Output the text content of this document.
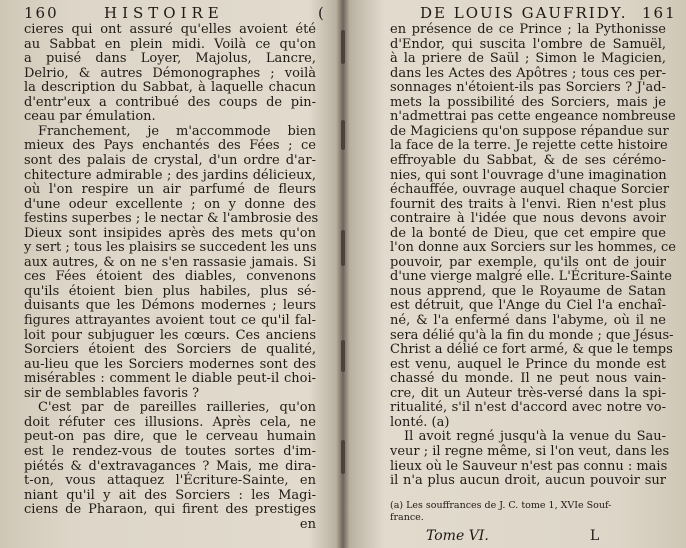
160	HISTOIRE	(
cieres qui ont assuré qu'elles avoient été
au Sabbat en plein midi. Voilà ce qu'on
a puisé dans Loyer, Majolus, Lancre,
Delrio, & autres Démonographes ; voilà
la description du Sabbat, à laquelle chacun
d'entr'eux a contribué des coups de pin-
ceau par émulation.
Franchement, je m'accommode bien
mieux des Pays enchantés des Fées ; ce
sont des palais de crystal, d'un ordre d'ar-
chitecture admirable ; des jardins délicieux,
où l'on respire un air parfumé de fleurs
d'une odeur excellente ; on y donne des
festins superbes ; le nectar & l'ambrosie des
Dieux sont insipides après des mets qu'on
y sert ; tous les plaisirs se succedent les uns
aux autres, & on ne s'en rassasie jamais. Si
ces Fées étoient des diables, convenons
qu'ils étoient bien plus habiles, plus sé-
duisants que les Démons modernes ; leurs
figures attrayantes avoient tout ce qu'il fal-
loit pour subjuguer les cœurs. Ces anciens
Sorciers étoient des Sorciers de qualité,
au-lieu que les Sorciers modernes sont des
misérables : comment le diable peut-il choi-
sir de semblables favoris ?
C'est par de pareilles railleries, qu'on
doit réfuter ces illusions. Après cela, ne
peut-on pas dire, que le cerveau humain
est le rendez-vous de toutes sortes d'im-
piétés & d'extravagances ? Mais, me dira-
t-on, vous attaquez l'Écriture-Sainte, en
niant qu'il y ait des Sorciers : les Magi-
ciens de Pharaon, qui firent des prestiges
en
DE LOUIS GAUFRIDY. 161
en présence de ce Prince ; la Pythonisse
d'Endor, qui suscita l'ombre de Samuël,
à la priere de Saül ; Simon le Magicien,
dans les Actes des Apôtres ; tous ces per-
sonnages n'étoient-ils pas Sorciers ? J'ad-
mets la possibilité des Sorciers, mais je
n'admettrai pas cette engeance nombreuse
de Magiciens qu'on suppose répandue sur
la face de la terre. Je rejette cette histoire
effroyable du Sabbat, & de ses cérémo-
nies, qui sont l'ouvrage d'une imagination
échauffée, ouvrage auquel chaque Sorcier
fournit des traits à l'envi. Rien n'est plus
contraire à l'idée que nous devons avoir
de la bonté de Dieu, que cet empire que
l'on donne aux Sorciers sur les hommes, ce
pouvoir, par exemple, qu'ils ont de jouir
d'une vierge malgré elle. L'Écriture-Sainte
nous apprend, que le Royaume de Satan
est détruit, que l'Ange du Ciel l'a enchaî-
né, & l'a enfermé dans l'abyme, où il ne
sera délié qu'à la fin du monde ; que Jésus-
Christ a délié ce fort armé, & que le temps
est venu, auquel le Prince du monde est
chassé du monde. Il ne peut nous vain-
cre, dit un Auteur très-versé dans la spi-
ritualité, s'il n'est d'accord avec notre vo-
lonté. (a)
Il avoit regné jusqu'à la venue du Sau-
veur ; il regne même, si l'on veut, dans les
lieux où le Sauveur n'est pas connu : mais
il n'a plus aucun droit, aucun pouvoir sur
(a) Les souffrances de J. C. tome 1, XVIe Souf-
france.
Tome VI.	L
